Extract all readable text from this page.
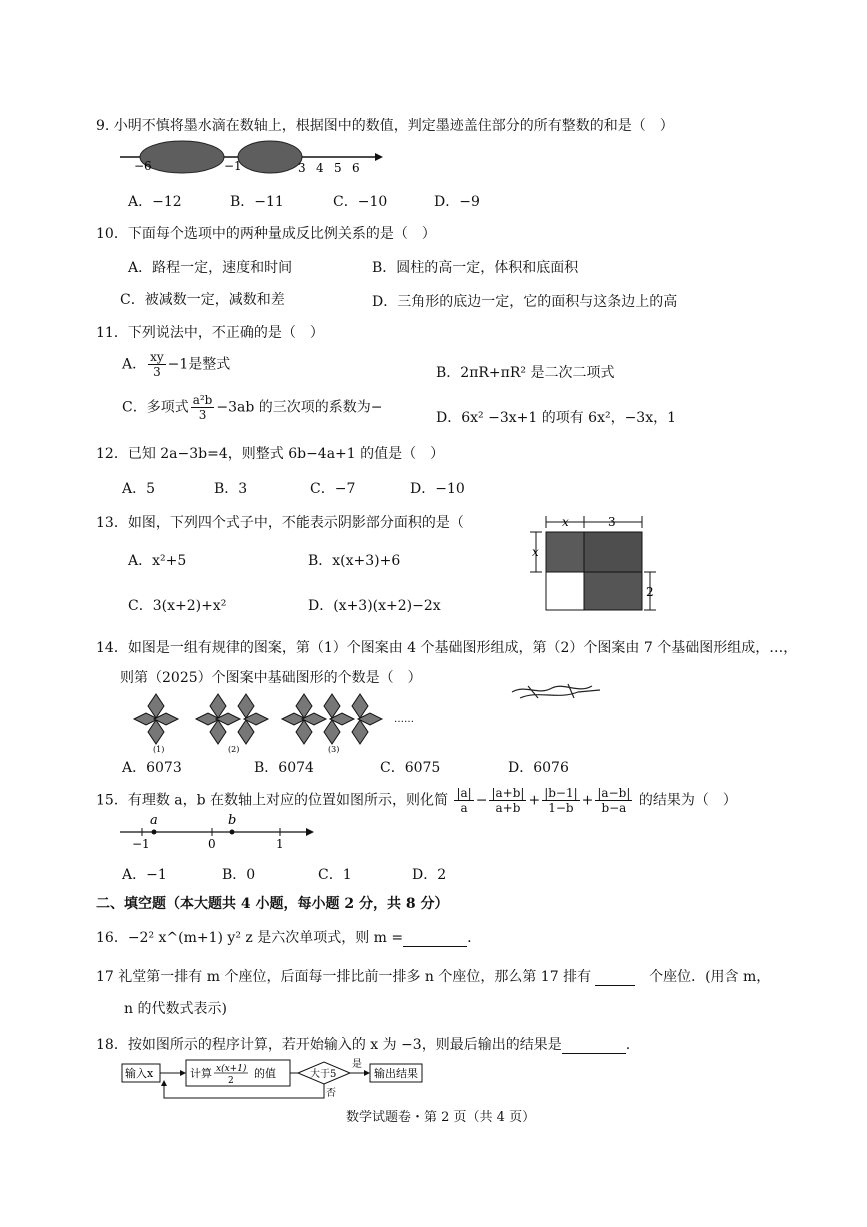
9. 小明不慎将墨水滴在数轴上，根据图中的数值，判定墨迹盖住部分的所有整数的和是（　）
−6	−1	3 4 5 6
A．−12	B．−11	C．−10	D．−9
10．下面每个选项中的两种量成反比例关系的是（　）
A．路程一定，速度和时间	B．圆柱的高一定，体积和底面积
C．被减数一定，减数和差	D．三角形的底边一定，它的面积与这条边上的高
11．下列说法中，不正确的是（　）
A． $\frac{xy}{3} -1$是整式
B．2πR+πR² 是二次二项式
C．多项式 $\frac{\text{a²b}}{3} -3ab$ 的三次项的系数为−
D．6x² −3x+1 的项有 6x²，−3x，1
12．已知 2a−3b=4，则整式 6b−4a+1 的值是（　）
A．5	B．3	C．−7	D．−10
13．如图，下列四个式子中，不能表示阴影部分面积的是（
A．x²+5	B．x(x+3)+6
C．3(x+2)+x²	D．(x+3)(x+2)−2x
x	3
x
2
14．如图是一组有规律的图案，第（1）个图案由 4 个基础图形组成，第（2）个图案由 7 个基础图形组成，…，
则第（2025）个图案中基础图形的个数是（　）
(1)	(2)	(3)
……
A．6073	B．6074	C．6075	D．6076
15．有理数 a，b 在数轴上对应的位置如图所示，则化简 $\frac{|a|}{a} - \frac{|a+b|}{a+b} + \frac{|b-1|}{1-b} + \frac{|a-b|}{b-a}$ 的结果为（　）
a	b
−1	0	1
A．−1	B．0	C．1	D．2
二、填空题（本大题共 4 小题，每小题 2 分，共 8 分）
16．−2² x^(m+1) y² z 是六次单项式，则 m =	.
17 礼堂第一排有 m 个座位，后面每一排比前一排多 n 个座位，那么第 17 排有	个座位．(用含 m，
n 的代数式表示)
18．按如图所示的程序计算，若开始输入的 x 为 −3，则最后输出的结果是	.
输入x	计算 x(x+1)
2
的值	大于5
是
输出结果
否
数学试题卷・第 2 页（共 4 页）
